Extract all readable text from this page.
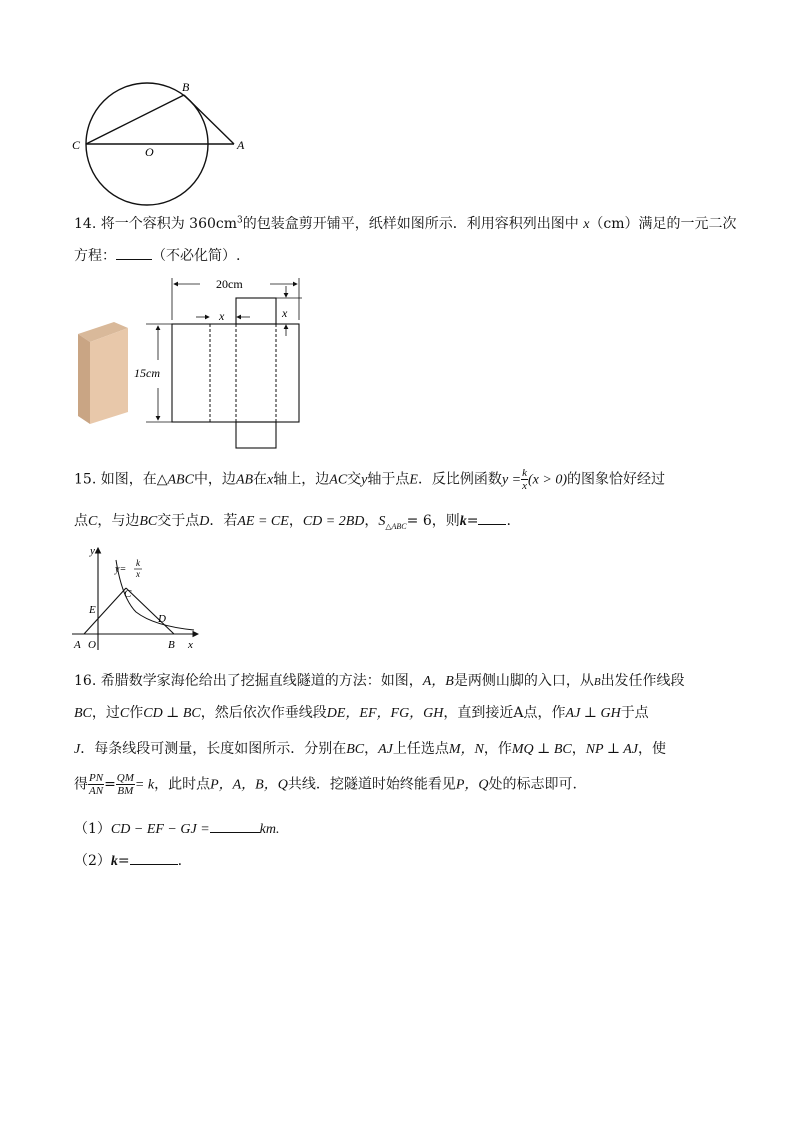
B
C	O	A
14. 将一个容积为 $360cm^3$的包装盒剪开铺平，纸样如图所示．利用容积列出图中 x（cm）满足的一元二次
方程：	（不必化简）.
20cm
x	x
15cm
15. 如图，在△ABC中，边AB在x轴上，边AC交y轴于点E．反比例函数$y = \frac{k}{x} (x > 0)$的图象恰好经过
点C，与边BC交于点D．若AE = CE，CD = 2BD，$S_{\triangle ABC}= 6$，则k= .
y
x
y=
k
x
C
E
D
A O	B
16. 希腊数学家海伦给出了挖掘直线隧道的方法：如图，A，B是两侧山脚的入口，从B出发任作线段
BC，过C作CD ⊥ BC，然后依次作垂线段DE，EF，FG，GH，直到接近A点，作AJ ⊥ GH于点
J．每条线段可测量，长度如图所示．分别在BC，AJ上任选点M，N，作MQ ⊥ BC，NP ⊥ AJ，使
得 $\frac{PN}{AN} = \frac{QM}{BM} = k$，此时点P，A，B，Q共线．挖隧道时始终能看见P，Q处的标志即可.
（1）CD − EF − GJ =	km.
（2）k=	.
